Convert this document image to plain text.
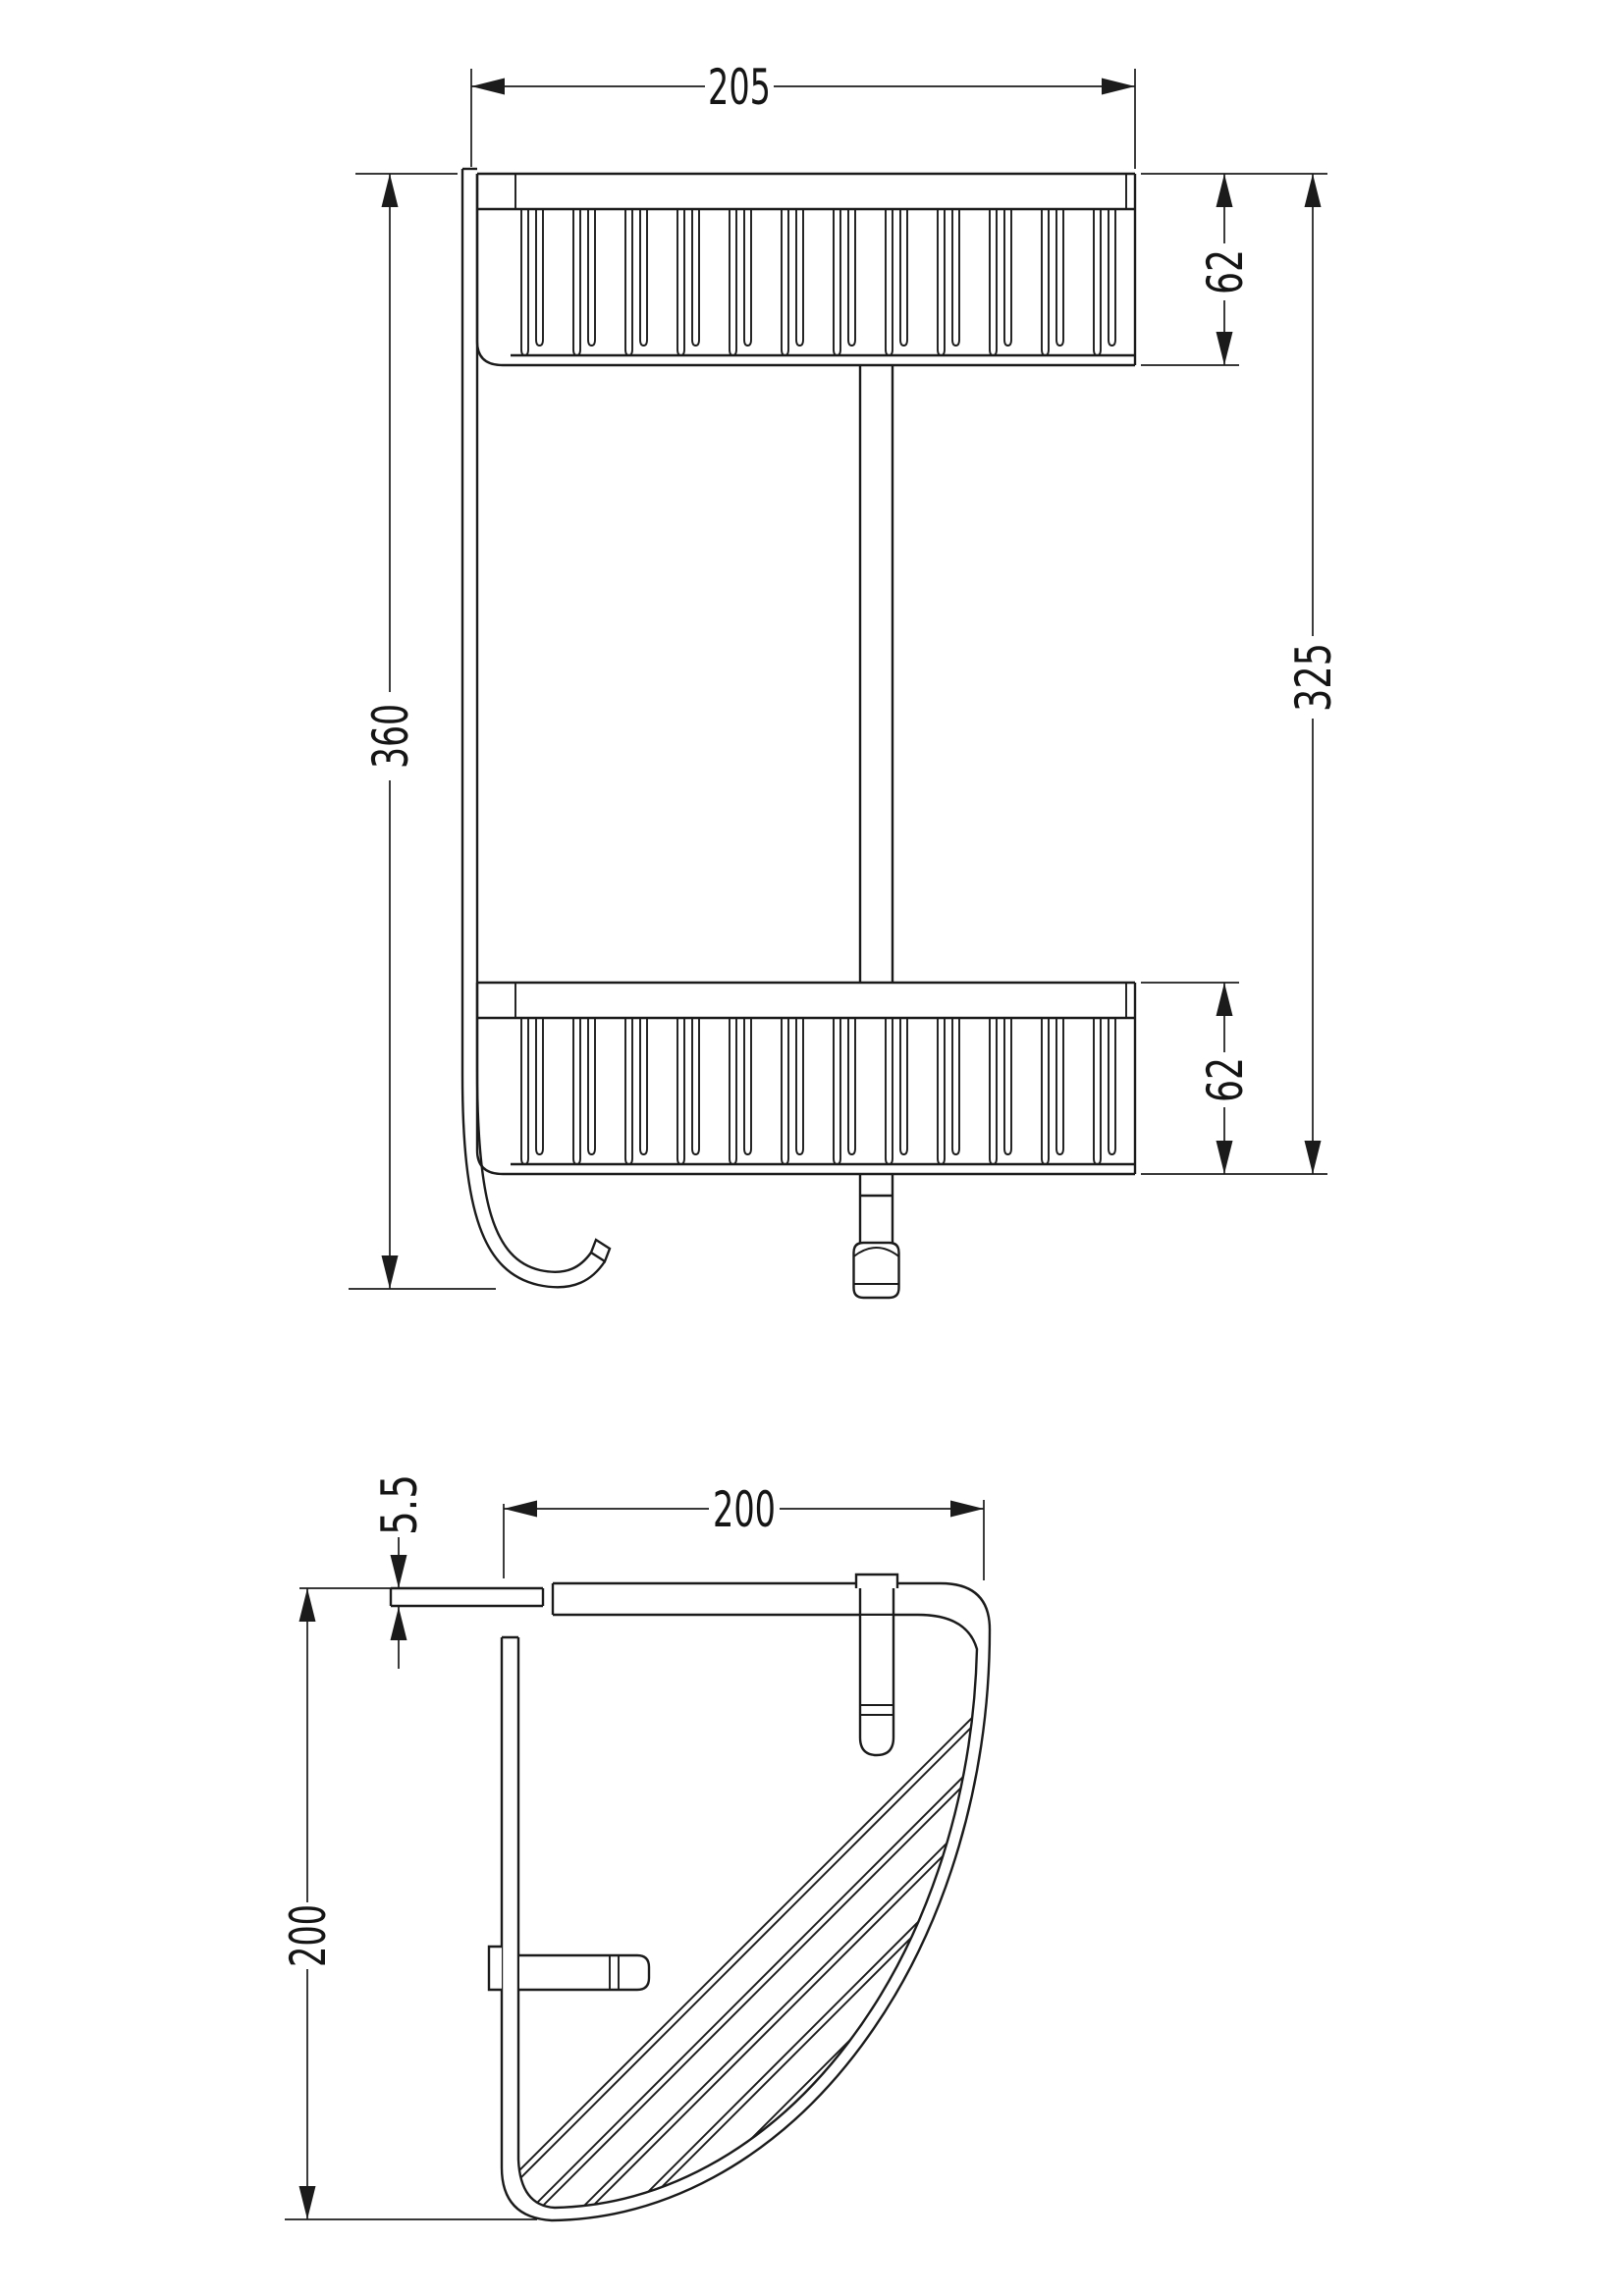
205
62
360
325
62
5.5	200
200
